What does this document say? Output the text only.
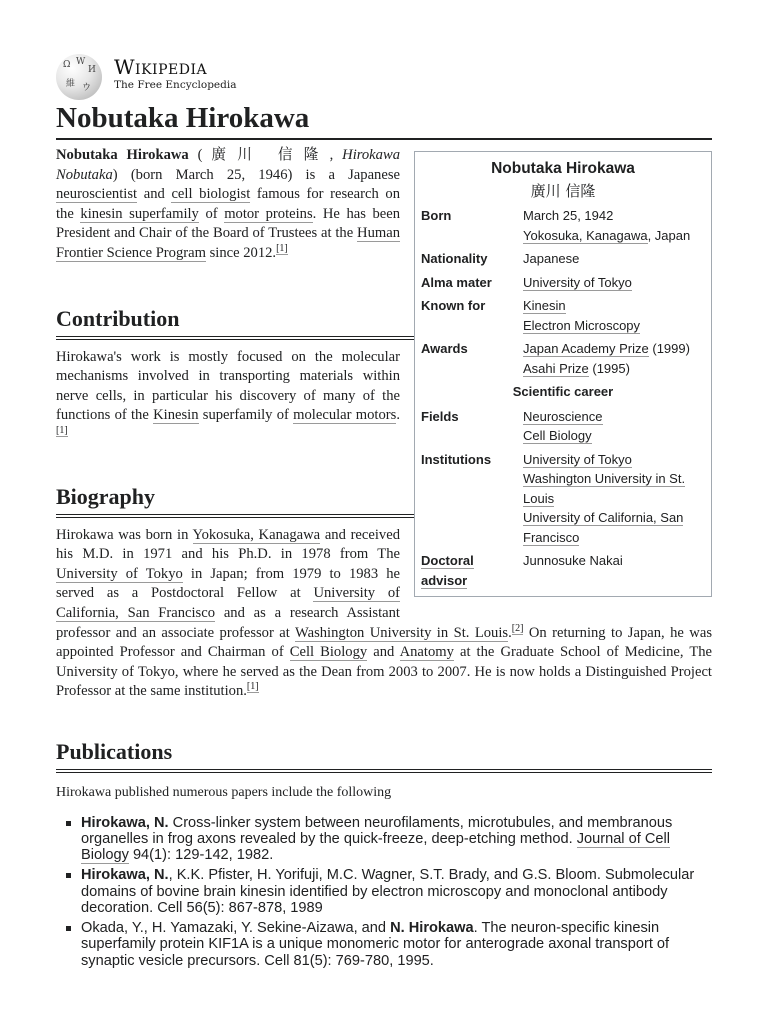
Ω W
И
維 ウ
Wikipedia
The Free Encyclopedia
Nobutaka Hirokawa
Nobutaka Hirokawa
廣川 信隆
Born	March 25, 1942
Yokosuka, Kanagawa, Japan
Nationality	Japanese
Alma mater	University of Tokyo
Known for	Kinesin
Electron Microscopy
Awards	Japan Academy Prize (1999)
Asahi Prize (1995)
Scientific career
Fields	Neuroscience
Cell Biology
Institutions	University of Tokyo
Washington University in St. Louis
University of California, San Francisco
Doctoral advisor
Junnosuke Nakai

Nobutaka Hirokawa ( 廣川 信隆, Hirokawa Nobutaka) (born March 25, 1946) is a Japanese neuroscientist and cell biologist famous for research on the kinesin superfamily of motor proteins. He has been President and Chair of the Board of Trustees at the Human Frontier Science Program since 2012.[1]

Contribution

Hirokawa's work is mostly focused on the molecular mechanisms involved in transporting materials within nerve cells, in particular his discovery of many of the functions of the Kinesin superfamily of molecular motors.[1]

Biography

Hirokawa was born in Yokosuka, Kanagawa and received his M.D. in 1971 and his Ph.D. in 1978 from The University of Tokyo in Japan; from 1979 to 1983 he served as a Postdoctoral Fellow at University of California, San Francisco and as a research Assistant professor and an associate professor at Washington University in St. Louis.[2] On returning to Japan, he was appointed Professor and Chairman of Cell Biology and Anatomy at the Graduate School of Medicine, The University of Tokyo, where he served as the Dean from 2003 to 2007. He is now holds a Distinguished Project Professor at the same institution.[1]

Publications

Hirokawa published numerous papers include the following

Hirokawa, N. Cross-linker system between neurofilaments, microtubules, and membranous organelles in frog axons revealed by the quick-freeze, deep-etching method. Journal of Cell Biology 94(1): 129-142, 1982.
Hirokawa, N., K.K. Pfister, H. Yorifuji, M.C. Wagner, S.T. Brady, and G.S. Bloom. Submolecular domains of bovine brain kinesin identified by electron microscopy and monoclonal antibody decoration. Cell 56(5): 867-878, 1989
Okada, Y., H. Yamazaki, Y. Sekine-Aizawa, and N. Hirokawa. The neuron-specific kinesin superfamily protein KIF1A is a unique monomeric motor for anterograde axonal transport of synaptic vesicle precursors. Cell 81(5): 769-780, 1995.
